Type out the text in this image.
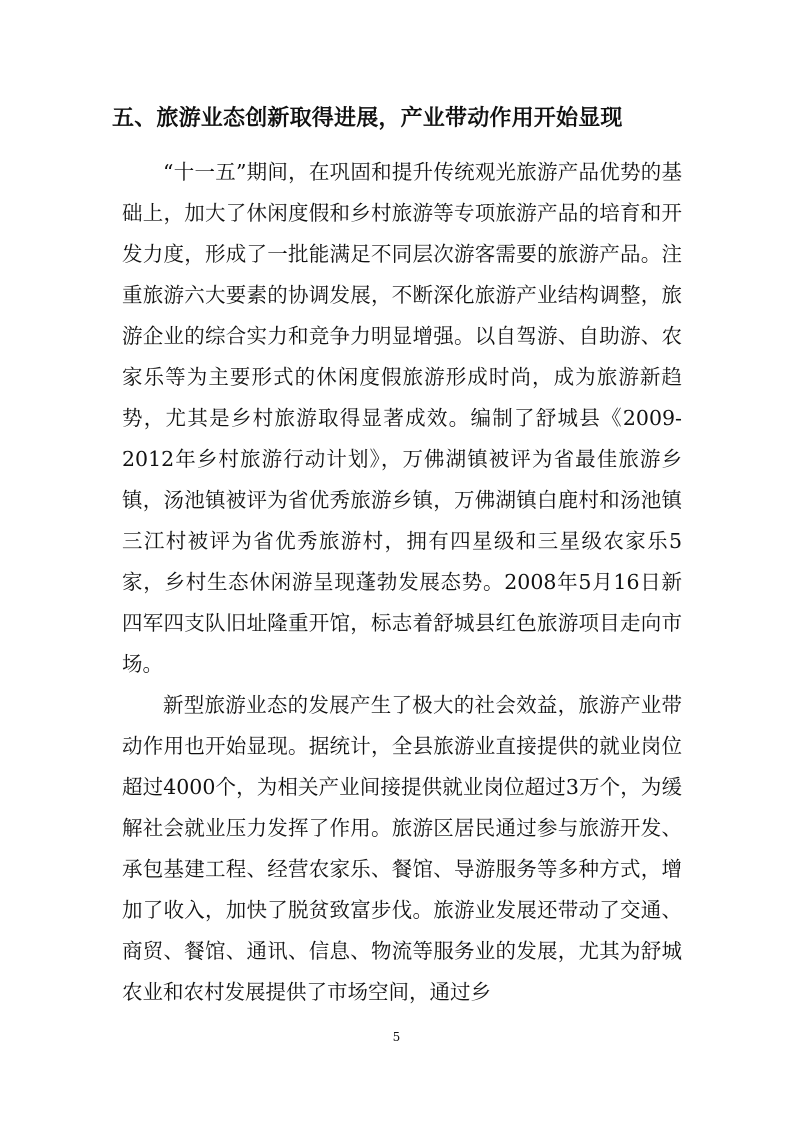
五、旅游业态创新取得进展，产业带动作用开始显现

“十一五”期间，在巩固和提升传统观光旅游产品优势的基础上，加大了休闲度假和乡村旅游等专项旅游产品的培育和开发力度，形成了一批能满足不同层次游客需要的旅游产品。注重旅游六大要素的协调发展，不断深化旅游产业结构调整，旅游企业的综合实力和竞争力明显增强。以自驾游、自助游、农家乐等为主要形式的休闲度假旅游形成时尚，成为旅游新趋势，尤其是乡村旅游取得显著成效。编制了舒城县《2009-2012年乡村旅游行动计划》，万佛湖镇被评为省最佳旅游乡镇，汤池镇被评为省优秀旅游乡镇，万佛湖镇白鹿村和汤池镇三江村被评为省优秀旅游村，拥有四星级和三星级农家乐5家，乡村生态休闲游呈现蓬勃发展态势。2008年5月16日新四军四支队旧址隆重开馆，标志着舒城县红色旅游项目走向市场。

新型旅游业态的发展产生了极大的社会效益，旅游产业带动作用也开始显现。据统计，全县旅游业直接提供的就业岗位超过4000个，为相关产业间接提供就业岗位超过3万个，为缓解社会就业压力发挥了作用。旅游区居民通过参与旅游开发、承包基建工程、经营农家乐、餐馆、导游服务等多种方式，增加了收入，加快了脱贫致富步伐。旅游业发展还带动了交通、商贸、餐馆、通讯、信息、物流等服务业的发展，尤其为舒城农业和农村发展提供了市场空间，通过乡

5
